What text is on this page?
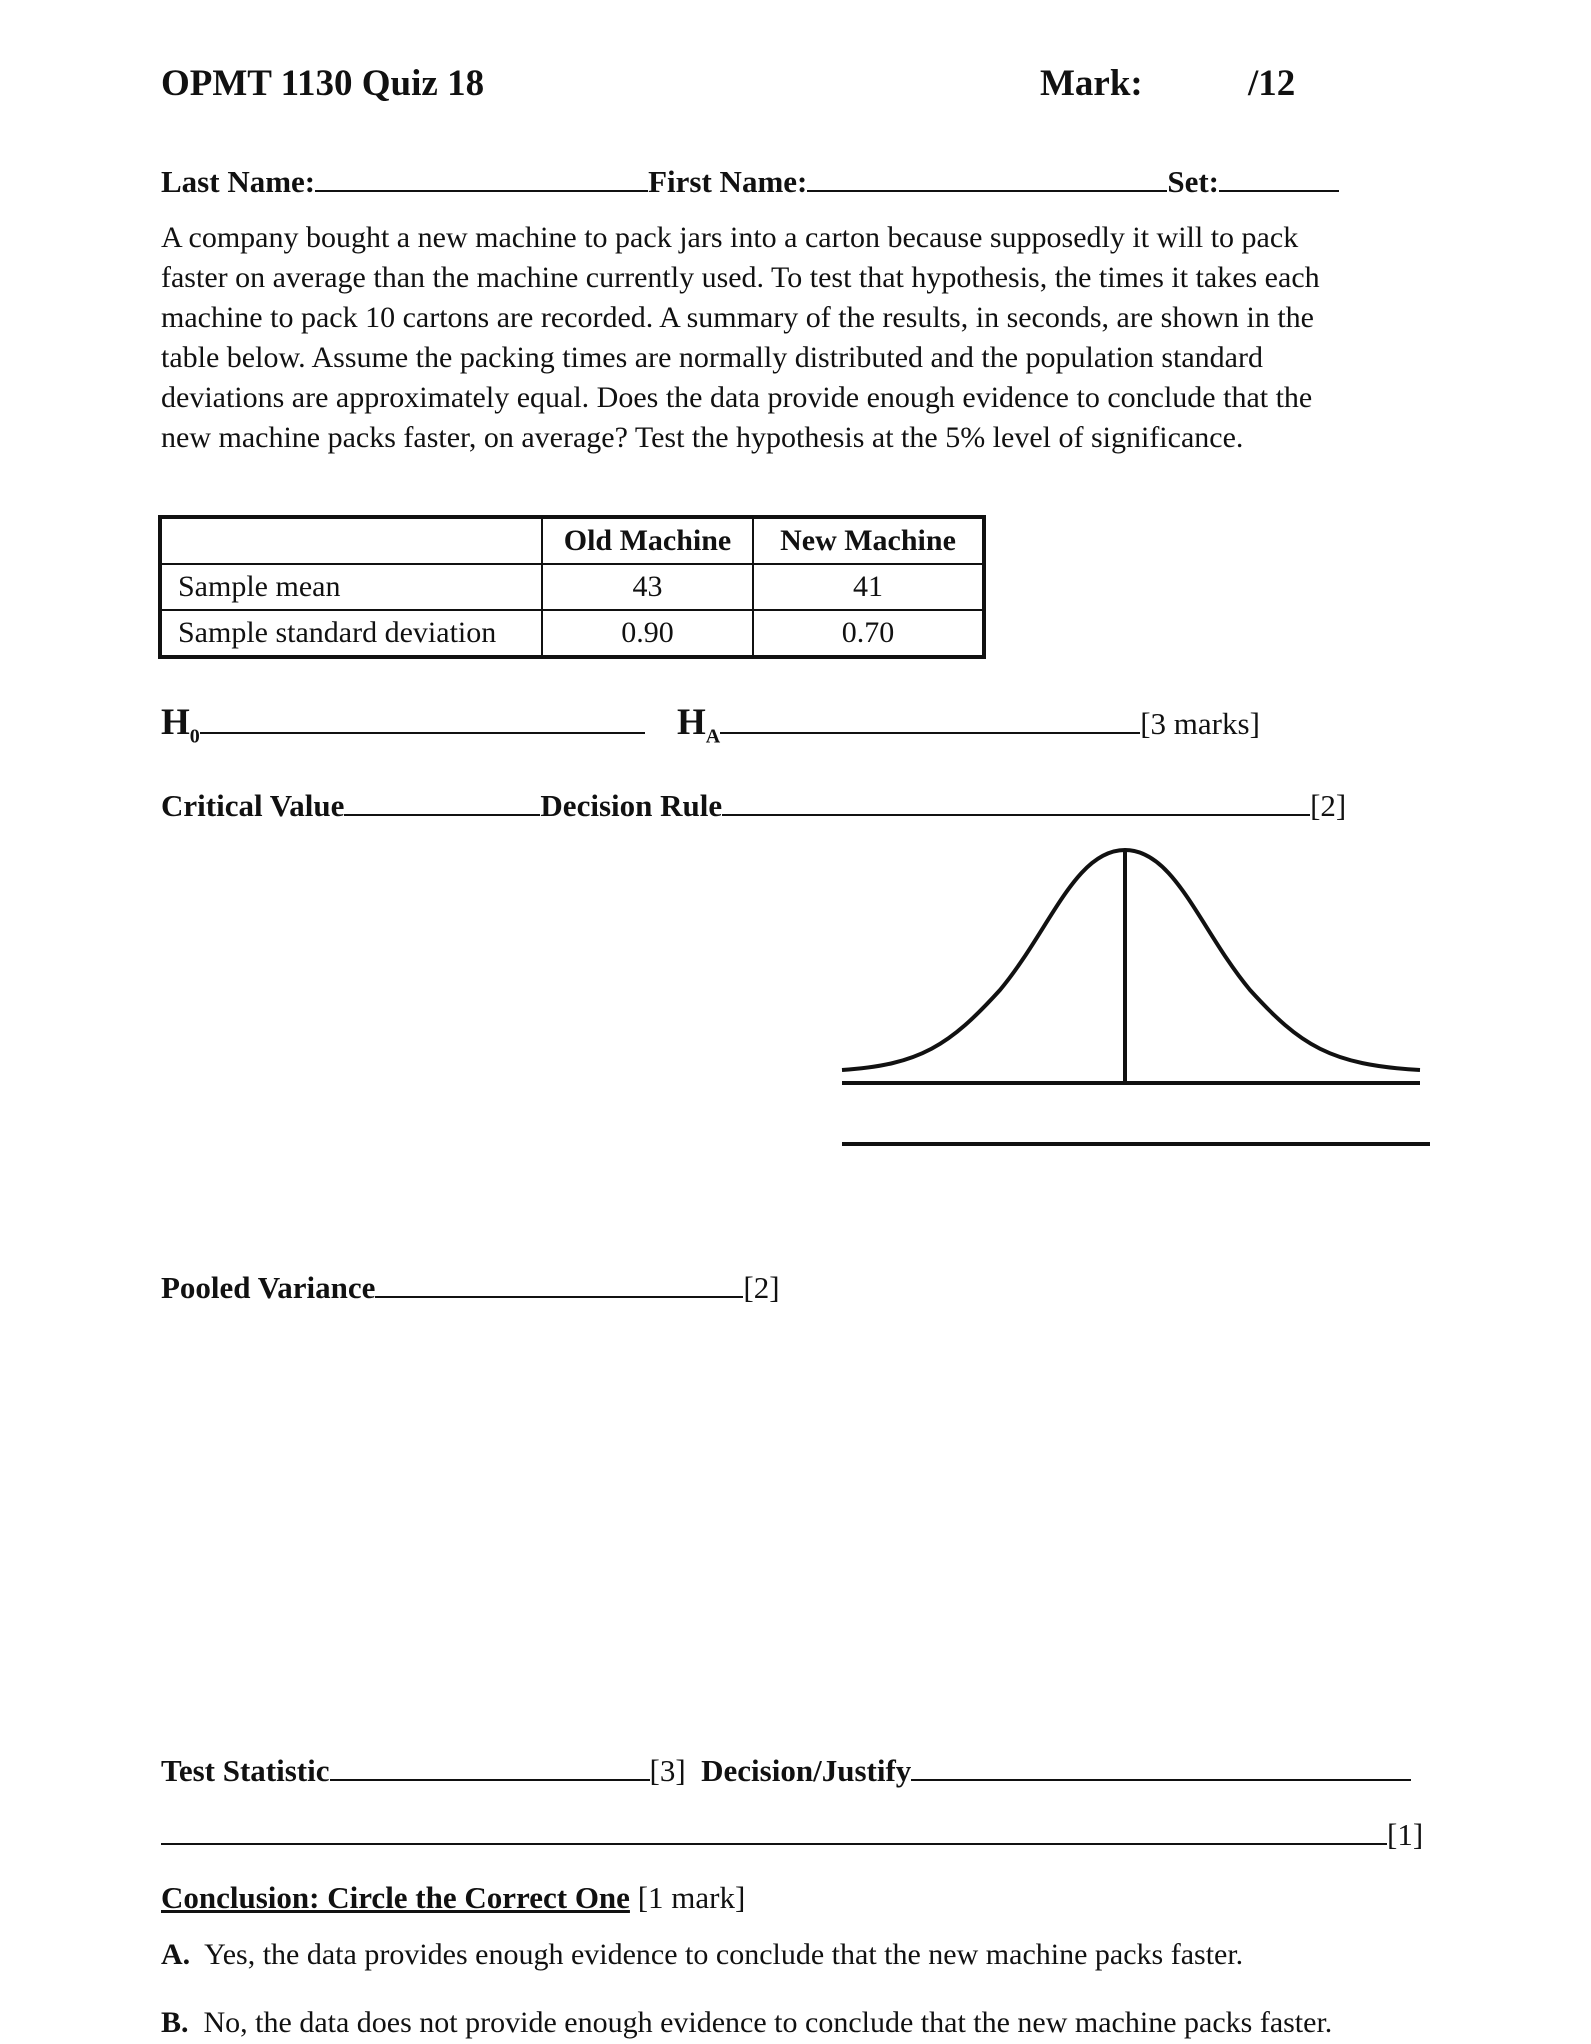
OPMT 1130 Quiz 18	Mark:	/12
Last Name:	First Name:	Set:
A company bought a new machine to pack jars into a carton because supposedly it will to pack faster on average than the machine currently used. To test that hypothesis, the times it takes each machine to pack 10 cartons are recorded. A summary of the results, in seconds, are shown in the table below. Assume the packing times are normally distributed and the population standard deviations are approximately equal. Does the data provide enough evidence to conclude that the new machine packs faster, on average? Test the hypothesis at the 5% level of significance.
	Old Machine	New Machine
Sample mean	43	41
Sample standard deviation	0.90	0.70
$H_0$	$H_A$	[3 marks]
Critical Value	Decision Rule	[2]
Pooled Variance	[2]
Test Statistic	[3] Decision/Justify
[1]
Conclusion: Circle the Correct One [1 mark]
A. Yes, the data provides enough evidence to conclude that the new machine packs faster.
B. No, the data does not provide enough evidence to conclude that the new machine packs faster.
